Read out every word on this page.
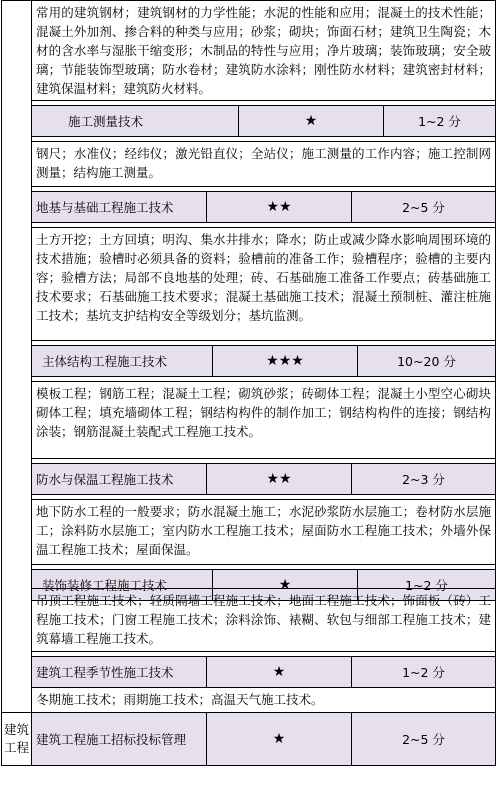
常用的建筑钢材；建筑钢材的力学性能；水泥的性能和应用；混凝土的技术性能；混凝土外加剂、掺合料的种类与应用；砂浆；砌块；饰面石材；建筑卫生陶瓷；木材的含水率与湿胀干缩变形；木制品的特性与应用；净片玻璃；装饰玻璃；安全玻璃；节能装饰型玻璃；防水卷材；建筑防水涂料；刚性防水材料；建筑密封材料；建筑保温材料；建筑防火材料。

施工测量技术	★	1~2 分

钢尺；水准仪；经纬仪；激光铅直仪；全站仪；施工测量的工作内容；施工控制网测量；结构施工测量。

地基与基础工程施工技术	★★	2~5 分

土方开挖；土方回填；明沟、集水井排水；降水；防止或减少降水影响周围环境的技术措施；验槽时必须具备的资料；验槽前的准备工作；验槽程序；验槽的主要内容；验槽方法；局部不良地基的处理；砖、石基础施工准备工作要点；砖基础施工技术要求；石基础施工技术要求；混凝土基础施工技术；混凝土预制桩、灌注桩施工技术；基坑支护结构安全等级划分；基坑监测。

主体结构工程施工技术	★★★	10~20 分

模板工程；钢筋工程；混凝土工程；砌筑砂浆；砖砌体工程；混凝土小型空心砌块砌体工程；填充墙砌体工程；钢结构构件的制作加工；钢结构构件的连接；钢结构涂装；钢筋混凝土装配式工程施工技术。

防水与保温工程施工技术	★★	2~3 分

地下防水工程的一般要求；防水混凝土施工；水泥砂浆防水层施工；卷材防水层施工；涂料防水层施工；室内防水工程施工技术；屋面防水工程施工技术；外墙外保温工程施工技术；屋面保温。

装饰装修工程施工技术	★	1~2 分

	吊顶工程施工技术；轻质隔墙工程施工技术；地面工程施工技术；饰面板（砖）工程施工技术；门窗工程施工技术；涂料涂饰、裱糊、软包与细部工程施工技术；建筑幕墙工程施工技术。

	建筑工程季节性施工技术 ★ 1~2 分

	冬期施工技术；雨期施工技术；高温天气施工技术。

建筑工程	建筑工程施工招标投标管理 ★ 2~5 分
